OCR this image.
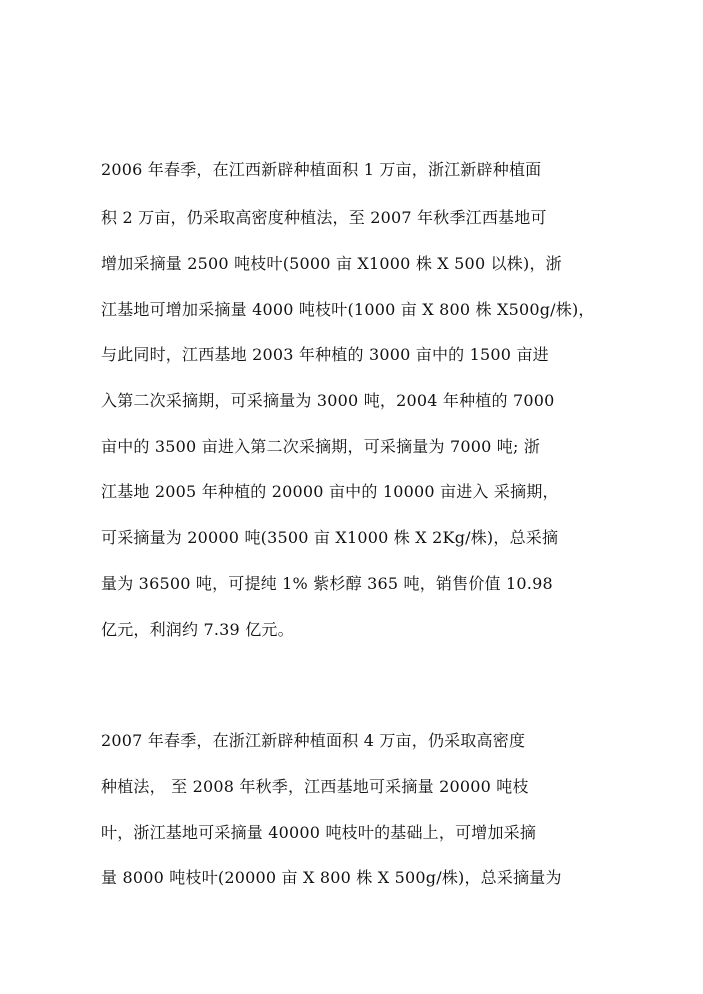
2006 年春季，在江西新辟种植面积 1 万亩，浙江新辟种植面
积 2 万亩，仍采取高密度种植法，至 2007 年秋季江西基地可
增加采摘量 2500 吨枝叶(5000 亩 X1000 株 X 500 以株)，浙
江基地可增加采摘量 4000 吨枝叶(1000 亩 X 800 株 X500g/株)，
与此同时，江西基地 2003 年种植的 3000 亩中的 1500 亩进
入第二次采摘期，可采摘量为 3000 吨，2004 年种植的 7000
亩中的 3500 亩进入第二次采摘期，可采摘量为 7000 吨; 浙
江基地 2005 年种植的 20000 亩中的 10000 亩进入 采摘期，
可采摘量为 20000 吨(3500 亩 X1000 株 X 2Kg/株)，总采摘
量为 36500 吨，可提纯 1% 紫杉醇 365 吨，销售价值 10.98
亿元，利润约 7.39 亿元。
2007 年春季，在浙江新辟种植面积 4 万亩，仍采取高密度
种植法， 至 2008 年秋季，江西基地可采摘量 20000 吨枝
叶，浙江基地可采摘量 40000 吨枝叶的基础上，可增加采摘
量 8000 吨枝叶(20000 亩 X 800 株 X 500g/株)，总采摘量为
